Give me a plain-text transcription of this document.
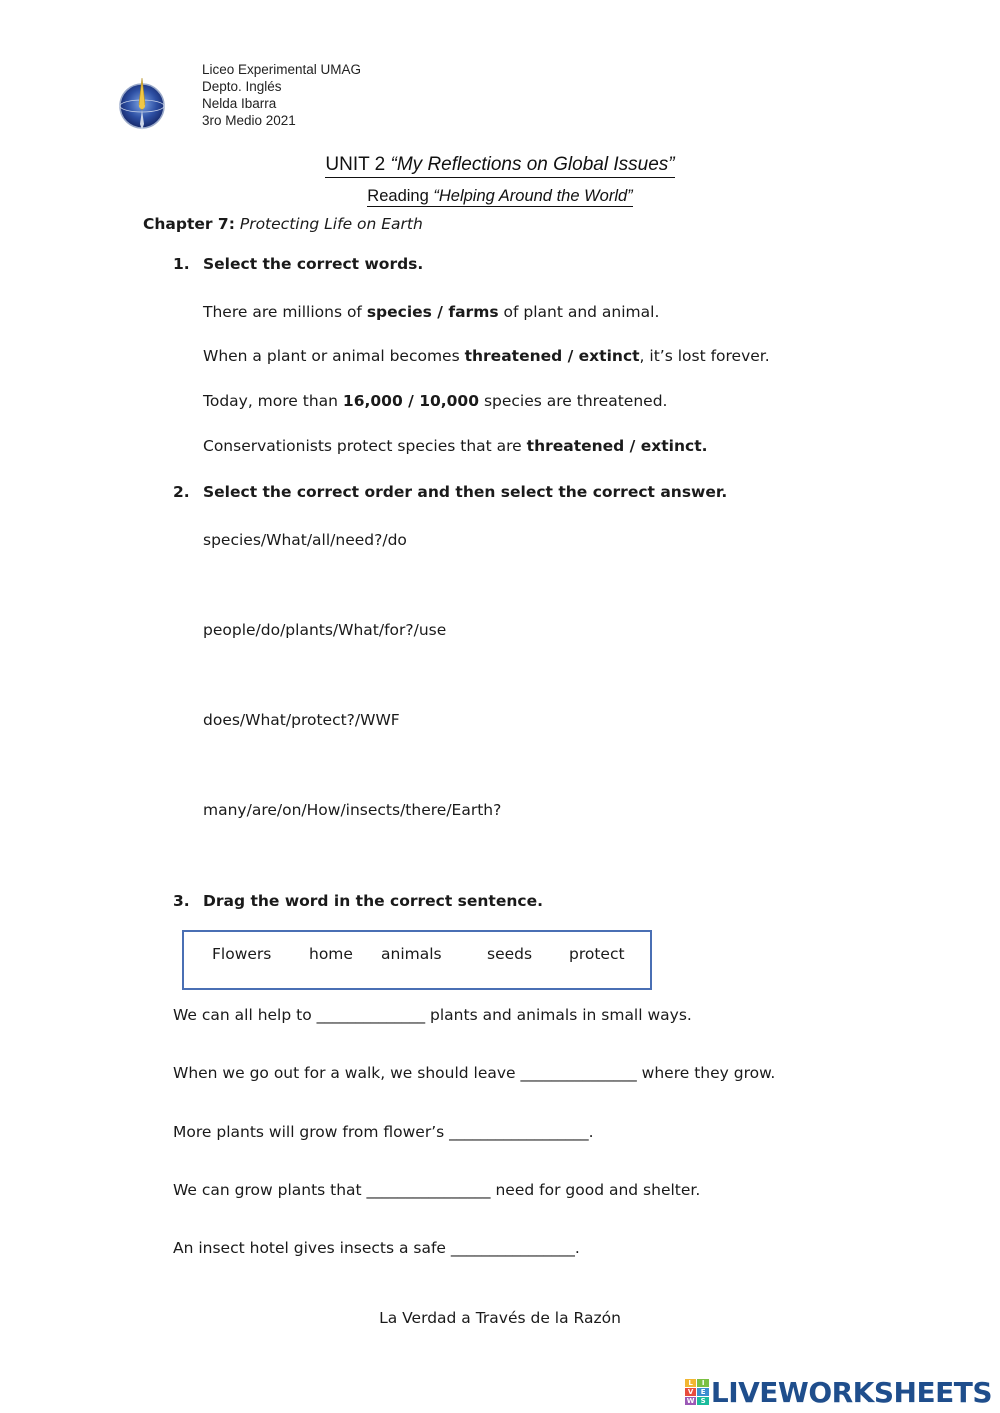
Liceo Experimental UMAG
Depto. Inglés
Nelda Ibarra
3ro Medio 2021
UNIT 2 “My Reflections on Global Issues”
Reading “Helping Around the World”
Chapter 7: Protecting Life on Earth
1. Select the correct words.
There are millions of species / farms of plant and animal.
When a plant or animal becomes threatened / extinct, it’s lost forever.
Today, more than 16,000 / 10,000 species are threatened.
Conservationists protect species that are threatened / extinct.
2. Select the correct order and then select the correct answer.
species/What/all/need?/do
people/do/plants/What/for?/use
does/What/protect?/WWF
many/are/on/How/insects/there/Earth?
3. Drag the word in the correct sentence.
Flowers home animals	seeds protect
We can all help to ______________ plants and animals in small ways.
When we go out for a walk, we should leave _______________ where they grow.
More plants will grow from flower’s __________________.
We can grow plants that ________________ need for good and shelter.
An insect hotel gives insects a safe ________________.
La Verdad a Través de la Razón
L	I
V	E
W S LIVEWORKSHEETS
